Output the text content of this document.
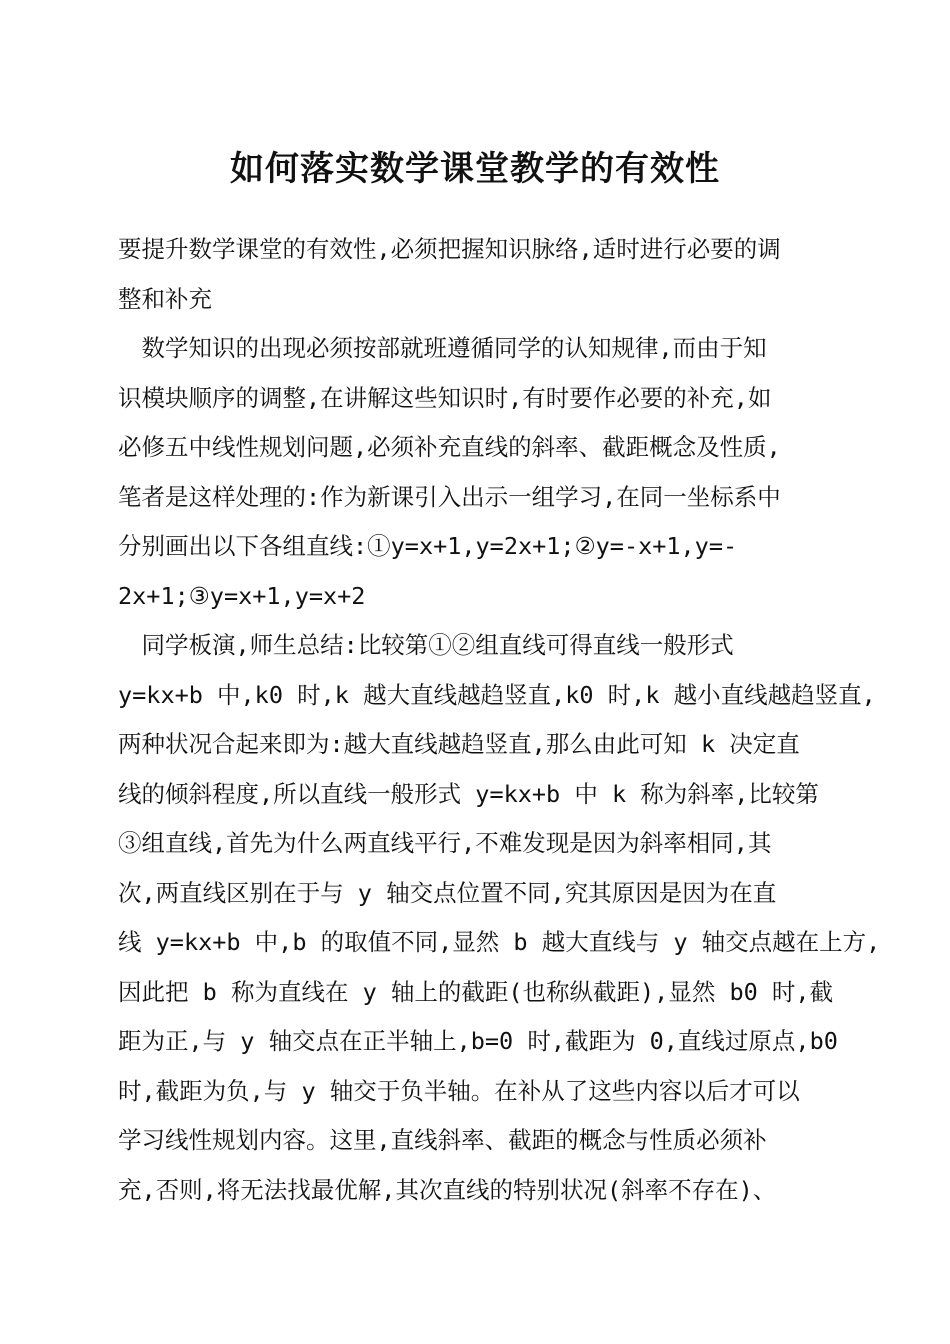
如何落实数学课堂教学的有效性
要提升数学课堂的有效性,必须把握知识脉络,适时进行必要的调
整和补充
　数学知识的出现必须按部就班遵循同学的认知规律,而由于知
识模块顺序的调整,在讲解这些知识时,有时要作必要的补充,如
必修五中线性规划问题,必须补充直线的斜率、截距概念及性质,
笔者是这样处理的:作为新课引入出示一组学习,在同一坐标系中
分别画出以下各组直线:①y=x+1,y=2x+1;②y=-x+1,y=-
2x+1;③y=x+1,y=x+2
　同学板演,师生总结:比较第①②组直线可得直线一般形式
y=kx+b 中,k0 时,k 越大直线越趋竖直,k0 时,k 越小直线越趋竖直,
两种状况合起来即为:越大直线越趋竖直,那么由此可知 k 决定直
线的倾斜程度,所以直线一般形式 y=kx+b 中 k 称为斜率,比较第
③组直线,首先为什么两直线平行,不难发现是因为斜率相同,其
次,两直线区别在于与 y 轴交点位置不同,究其原因是因为在直
线 y=kx+b 中,b 的取值不同,显然 b 越大直线与 y 轴交点越在上方,
因此把 b 称为直线在 y 轴上的截距(也称纵截距),显然 b0 时,截
距为正,与 y 轴交点在正半轴上,b=0 时,截距为 0,直线过原点,b0
时,截距为负,与 y 轴交于负半轴。在补从了这些内容以后才可以
学习线性规划内容。这里,直线斜率、截距的概念与性质必须补
充,否则,将无法找最优解,其次直线的特别状况(斜率不存在)、
